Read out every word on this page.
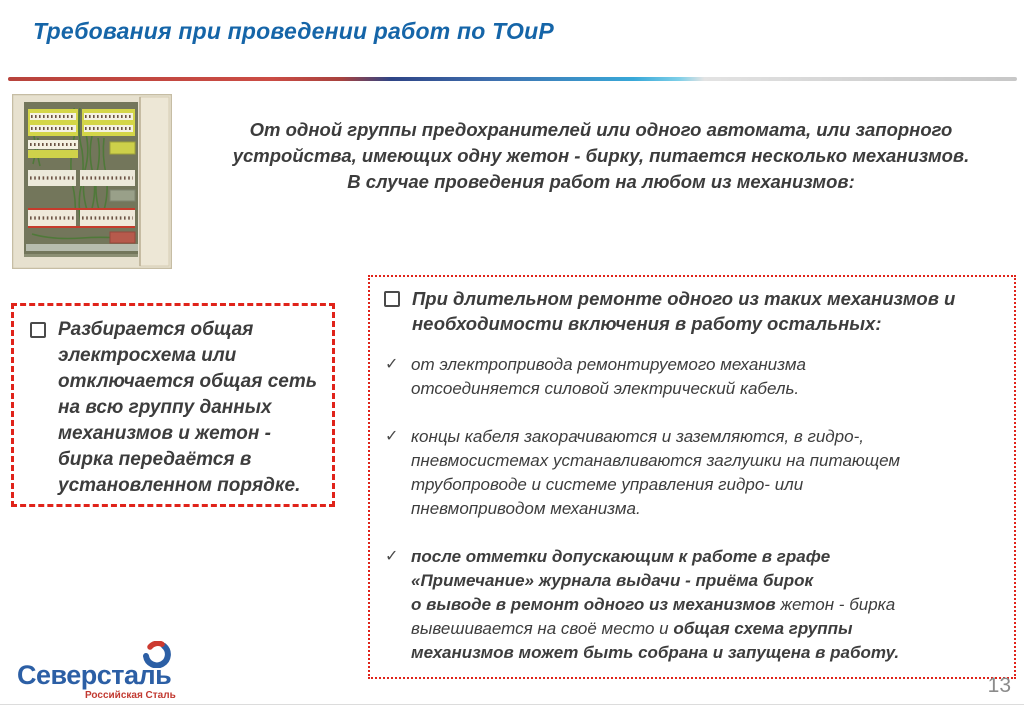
Требования при проведении работ по ТОиР
От одной группы предохранителей или одного автомата, или запорного
устройства, имеющих одну жетон - бирку, питается несколько механизмов.
В случае проведения работ на любом из механизмов:
Разбирается общая
электросхема или
отключается общая сеть
на всю группу данных
механизмов и жетон -
бирка передаётся в
установленном порядке.
При длительном ремонте одного из таких механизмов и
необходимости включения в работу остальных:
✓ от электропривода ремонтируемого механизма
отсоединяется силовой электрический кабель.
✓ концы кабеля закорачиваются и заземляются, в гидро-,
пневмосистемах устанавливаются заглушки на питающем
трубопроводе и системе управления гидро- или
пневмоприводом механизма.
✓ после отметки допускающим к работе в графе
«Примечание» журнала выдачи - приёма бирок
о выводе в ремонт одного из механизмов жетон - бирка
вывешивается на своё место и общая схема группы
механизмов может быть собрана и запущена в работу.
Северсталь
Российская Сталь	13
